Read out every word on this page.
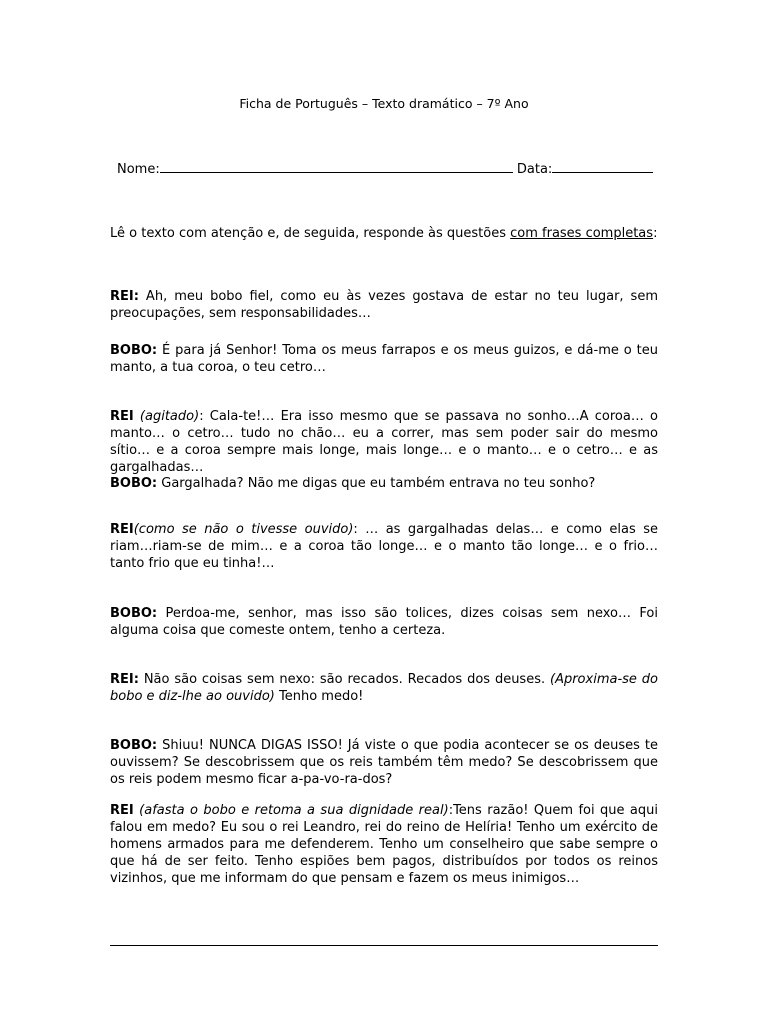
Ficha de Português – Texto dramático – 7º Ano
Nome:	Data:
Lê o texto com atenção e, de seguida, responde às questões com frases completas:

REI: Ah, meu bobo fiel, como eu às vezes gostava de estar no teu lugar, sem preocupações, sem responsabilidades…

BOBO: É para já Senhor! Toma os meus farrapos e os meus guizos, e dá-me o teu manto, a tua coroa, o teu cetro…

REI (agitado): Cala-te!… Era isso mesmo que se passava no sonho…A coroa… o manto… o cetro… tudo no chão… eu a correr, mas sem poder sair do mesmo sítio… e a coroa sempre mais longe, mais longe… e o manto… e o cetro… e as gargalhadas…

BOBO: Gargalhada? Não me digas que eu também entrava no teu sonho?

REI(como se não o tivesse ouvido): … as gargalhadas delas… e como elas se riam…riam-se de mim… e a coroa tão longe… e o manto tão longe… e o frio… tanto frio que eu tinha!…

BOBO: Perdoa-me, senhor, mas isso são tolices, dizes coisas sem nexo… Foi alguma coisa que comeste ontem, tenho a certeza.

REI: Não são coisas sem nexo: são recados. Recados dos deuses. (Aproxima-se do bobo e diz-lhe ao ouvido) Tenho medo!

BOBO: Shiuu! NUNCA DIGAS ISSO! Já viste o que podia acontecer se os deuses te ouvissem? Se descobrissem que os reis também têm medo? Se descobrissem que os reis podem mesmo ficar a-pa-vo-ra-dos?

REI (afasta o bobo e retoma a sua dignidade real):Tens razão! Quem foi que aqui falou em medo? Eu sou o rei Leandro, rei do reino de Helíria! Tenho um exército de homens armados para me defenderem. Tenho um conselheiro que sabe sempre o que há de ser feito. Tenho espiões bem pagos, distribuídos por todos os reinos vizinhos, que me informam do que pensam e fazem os meus inimigos…
